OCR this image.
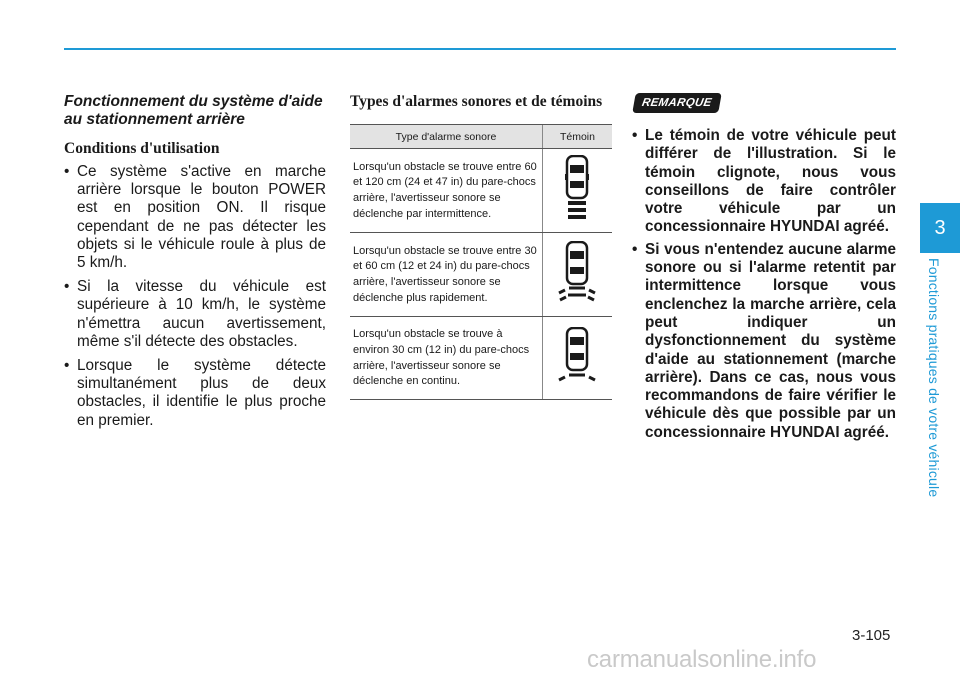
Fonctionnement du système d'aide au stationnement arrière
Conditions d'utilisation
• Ce système s'active en marche arrière lorsque le bouton POWER est en position ON. Il risque cependant de ne pas détecter les objets si le véhicule roule à plus de 5 km/h.
• Si la vitesse du véhicule est supérieure à 10 km/h, le système n'émettra aucun avertissement, même s'il détecte des obstacles.
• Lorsque le système détecte simultanément plus de deux obstacles, il identifie le plus proche en premier.
Types d'alarmes sonores et de témoins
Type d'alarme sonore	Témoin
Lorsqu'un obstacle se trouve entre 60 et 120 cm (24 et 47 in) du pare-chocs arrière, l'avertisseur sonore se déclenche par intermittence.	
Lorsqu'un obstacle se trouve entre 30 et 60 cm (12 et 24 in) du pare-chocs arrière, l'avertisseur sonore se déclenche plus rapidement.	
Lorsqu'un obstacle se trouve à environ 30 cm (12 in) du pare-chocs arrière, l'avertisseur sonore se déclenche en continu.	
REMARQUE
• Le témoin de votre véhicule peut différer de l'illustration. Si le témoin clignote, nous vous conseillons de faire contrôler votre véhicule par un concessionnaire HYUNDAI agréé.
• Si vous n'entendez aucune alarme sonore ou si l'alarme retentit par intermittence lorsque vous enclenchez la marche arrière, cela peut indiquer un dysfonctionnement du système d'aide au stationnement (marche arrière). Dans ce cas, nous vous recommandons de faire vérifier le véhicule dès que possible par un concessionnaire HYUNDAI agréé.
3
Fonctions pratiques de votre véhicule
3-105
carmanualsonline.info
